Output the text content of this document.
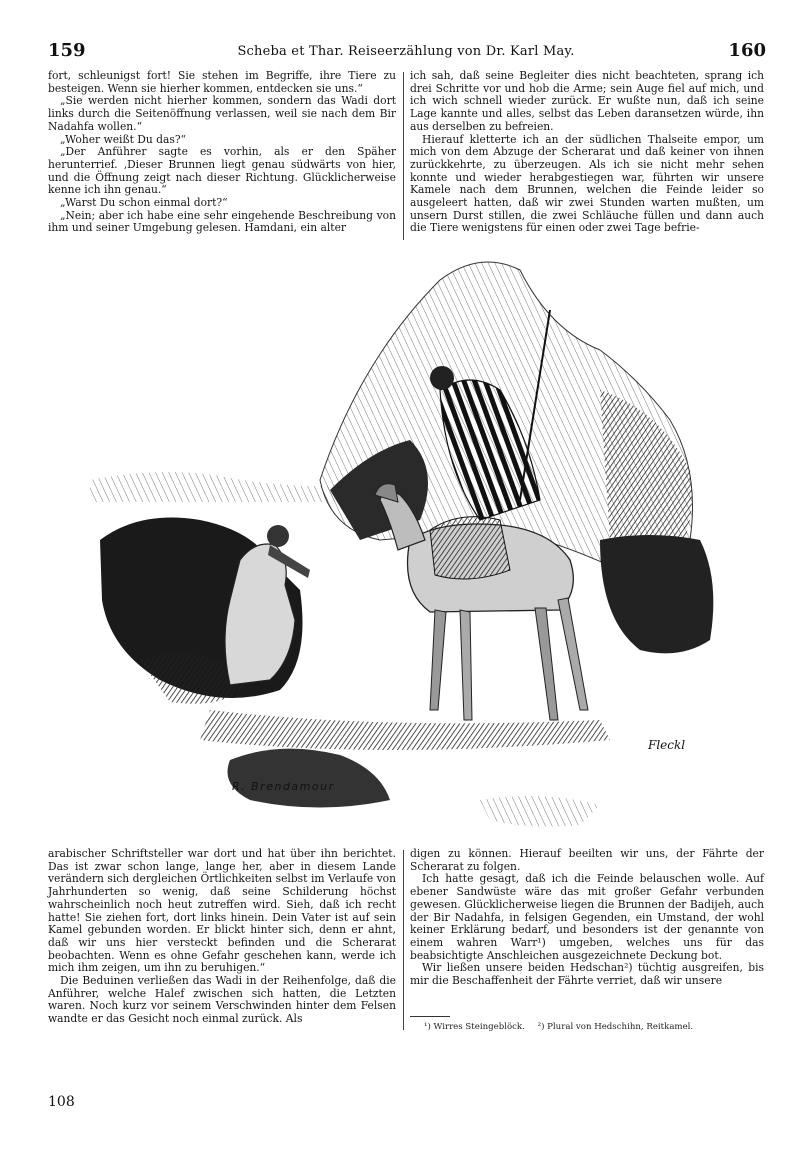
159	Scheba et Thar. Reiseerzählung von Dr. Karl May.	160

fort, schleunigst fort! Sie stehen im Begriffe, ihre Tiere zu besteigen. Wenn sie hierher kommen, entdecken sie uns.“

„Sie werden nicht hierher kommen, sondern das Wadi dort links durch die Seitenöffnung verlassen, weil sie nach dem Bir Nadahfa wollen.“

„Woher weißt Du das?“

„Der Anführer sagte es vorhin, als er den Späher herunterrief. ‚Dieser Brunnen liegt genau südwärts von hier, und die Öffnung zeigt nach dieser Richtung. Glücklicherweise kenne ich ihn genau.“

„Warst Du schon einmal dort?“

„Nein; aber ich habe eine sehr eingehende Beschreibung von ihm und seiner Umgebung gelesen. Hamdani, ein alter

ich sah, daß seine Begleiter dies nicht beachteten, sprang ich drei Schritte vor und hob die Arme; sein Auge fiel auf mich, und ich wich schnell wieder zurück. Er wußte nun, daß ich seine Lage kannte und alles, selbst das Leben daransetzen würde, ihn aus derselben zu befreien.

Hierauf kletterte ich an der südlichen Thalseite empor, um mich von dem Abzuge der Scherarat und daß keiner von ihnen zurückkehrte, zu überzeugen. Als ich sie nicht mehr sehen konnte und wieder herabgestiegen war, führten wir unsere Kamele nach dem Brunnen, welchen die Feinde leider so ausgeleert hatten, daß wir zwei Stunden warten mußten, um unsern Durst stillen, die zwei Schläuche füllen und dann auch die Tiere wenigstens für einen oder zwei Tage befrie-

R. Brendamour
Fleckl

arabischer Schriftsteller war dort und hat über ihn berichtet. Das ist zwar schon lange, lange her, aber in diesem Lande verändern sich dergleichen Örtlichkeiten selbst im Verlaufe von Jahrhunderten so wenig, daß seine Schilderung höchst wahrscheinlich noch heut zutreffen wird. Sieh, daß ich recht hatte! Sie ziehen fort, dort links hinein. Dein Vater ist auf sein Kamel gebunden worden. Er blickt hinter sich, denn er ahnt, daß wir uns hier versteckt befinden und die Scherarat beobachten. Wenn es ohne Gefahr geschehen kann, werde ich mich ihm zeigen, um ihn zu beruhigen.“

Die Beduinen verließen das Wadi in der Reihenfolge, daß die Anführer, welche Halef zwischen sich hatten, die Letzten waren. Noch kurz vor seinem Verschwinden hinter dem Felsen wandte er das Gesicht noch einmal zurück. Als

digen zu können. Hierauf beeilten wir uns, der Fährte der Scherarat zu folgen.

Ich hatte gesagt, daß ich die Feinde belauschen wolle. Auf ebener Sandwüste wäre das mit großer Gefahr verbunden gewesen. Glücklicherweise liegen die Brunnen der Badijeh, auch der Bir Nadahfa, in felsigen Gegenden, ein Umstand, der wohl keiner Erklärung bedarf, und besonders ist der genannte von einem wahren Warr¹) umgeben, welches uns für das beabsichtigte Anschleichen ausgezeichnete Deckung bot.

Wir ließen unsere beiden Hedschan²) tüchtig ausgreifen, bis mir die Beschaffenheit der Fährte verriet, daß wir unsere

¹) Wirres Steingeblöck. ²) Plural von Hedschihn, Reitkamel.
108
